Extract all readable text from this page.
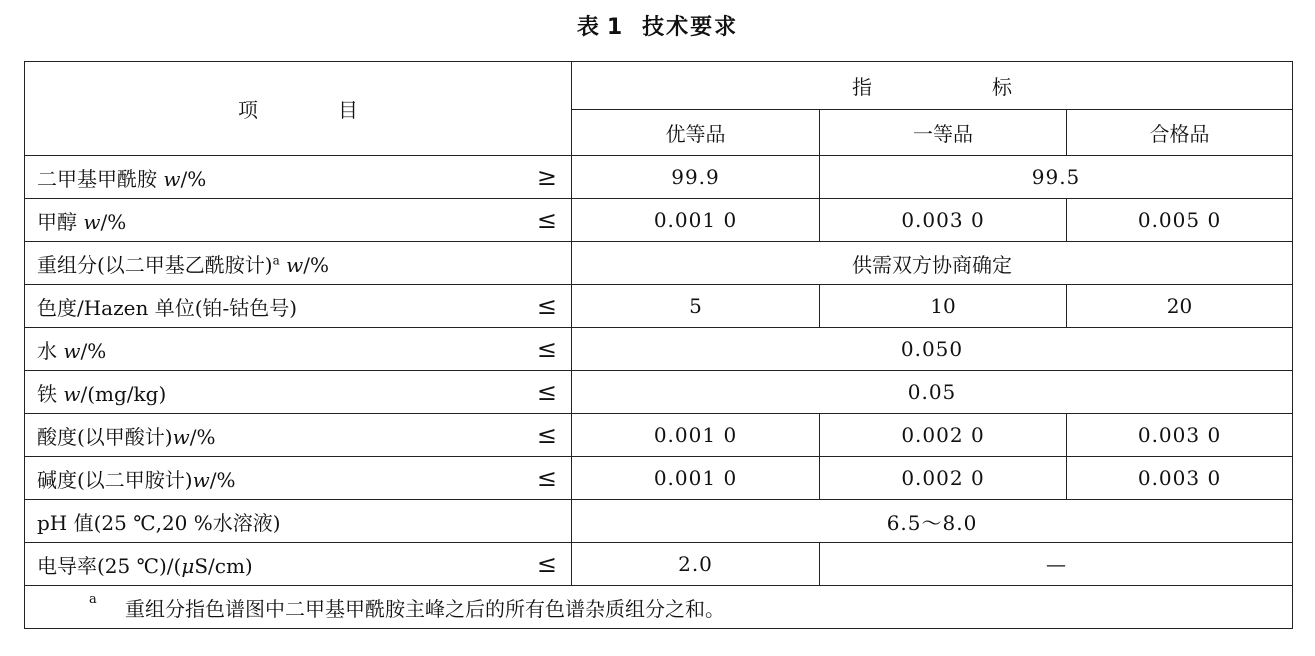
表 1 技术要求
项　　　　目	指　　　　　　标		
	优等品	一等品	合格品
二甲基甲酰胺 w/% ≥	99.9	99.5	
甲醇 w/% ≤	0.001 0	0.003 0	0.005 0
重组分(以二甲基乙酰胺计)$^a$ w/%	供需双方协商确定		
色度/Hazen 单位(铂-钴色号) ≤	5	10	20
水 w/% ≤	0.050		
铁 w/(mg/kg) ≤	0.05		
酸度(以甲酸计)w/% ≤	0.001 0	0.002 0	0.003 0
碱度(以二甲胺计)w/% ≤	0.001 0	0.002 0	0.003 0
pH 值(25 ℃,20 %水溶液)	6.5～8.0		
电导率(25 ℃)/(μS/cm) ≤	2.0	—	

a 重组分指色谱图中二甲基甲酰胺主峰之后的所有色谱杂质组分之和。			
